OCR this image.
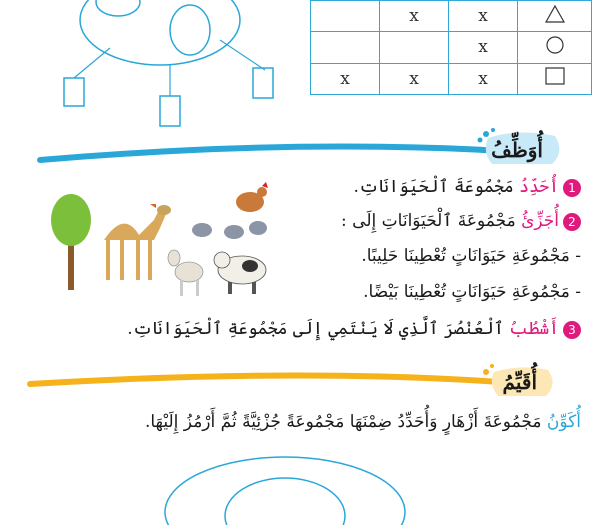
	x	x	
		x	
x	x	x	
أُوَظِّفُ
1أُحَدِّدُ مَجْمُوعَةَ ٱلْحَيَوَانَاتِ.
2أُجَزِّئُ مَجْمُوعَةَ ٱلْحَيَوَانَاتِ إِلَى :
- مَجْمُوعَةِ حَيَوَانَاتٍ تُعْطِينَا حَلِيبًا.
- مَجْمُوعَةِ حَيَوَانَاتٍ تُعْطِينَا بَيْضًا.
3أَشْطُبُ ٱلْعُنْصُرَ ٱلَّذِي لَا يَنْتَمِي إِلَى مَجْمُوعَةِ ٱلْحَيَوَانَاتِ.
أُقَيِّمُ
أُكَوِّنُ مَجْمُوعَةَ أَزْهَارٍ وَأُحَدِّدُ ضِمْنَهَا مَجْمُوعَةً جُزْئِيَّةً ثُمَّ أَرْمُزُ إِلَيْهَا.
